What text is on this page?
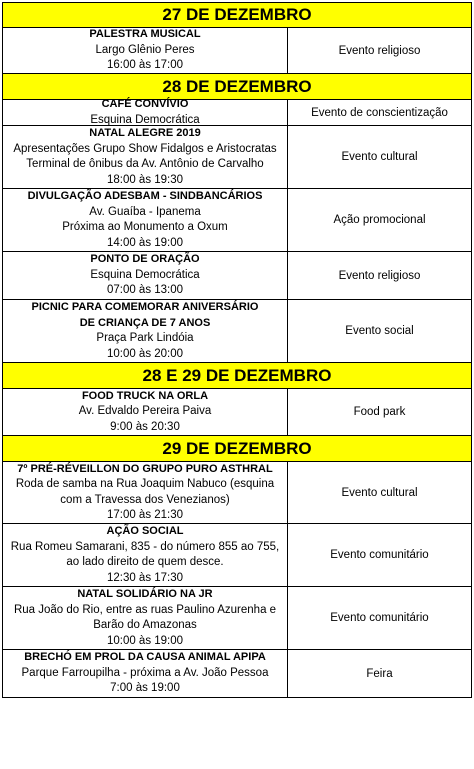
27 DE DEZEMBRO
PALESTRA MUSICAL
Largo Glênio Peres
16:00 às 17:00
Evento religioso
28 DE DEZEMBRO
CAFÉ CONVÍVIO
Esquina Democrática
Evento de conscientização
NATAL ALEGRE 2019
Apresentações Grupo Show Fidalgos e Aristocratas
Terminal de ônibus da Av. Antônio de Carvalho
18:00 às 19:30
Evento cultural
DIVULGAÇÃO ADESBAM - SINDBANCÁRIOS
Av. Guaíba - Ipanema
Próxima ao Monumento a Oxum
14:00 às 19:00
Ação promocional
PONTO DE ORAÇÃO
Esquina Democrática
07:00 às 13:00
Evento religioso
PICNIC PARA COMEMORAR ANIVERSÁRIO
DE CRIANÇA DE 7 ANOS
Praça Park Lindóia
10:00 às 20:00
Evento social
28 E 29 DE DEZEMBRO
FOOD TRUCK NA ORLA
Av. Edvaldo Pereira Paiva
9:00 às 20:30
Food park
29 DE DEZEMBRO
7º PRÉ-RÉVEILLON DO GRUPO PURO ASTHRAL
Roda de samba na Rua Joaquim Nabuco (esquina
com a Travessa dos Venezianos)
17:00 às 21:30
Evento cultural
AÇÃO SOCIAL
Rua Romeu Samarani, 835 - do número 855 ao 755,
ao lado direito de quem desce.
12:30 às 17:30
Evento comunitário
NATAL SOLIDÁRIO NA JR
Rua João do Rio, entre as ruas Paulino Azurenha e
Barão do Amazonas
10:00 às 19:00
Evento comunitário
BRECHÓ EM PROL DA CAUSA ANIMAL APIPA
Parque Farroupilha - próxima a Av. João Pessoa
7:00 às 19:00
Feira
